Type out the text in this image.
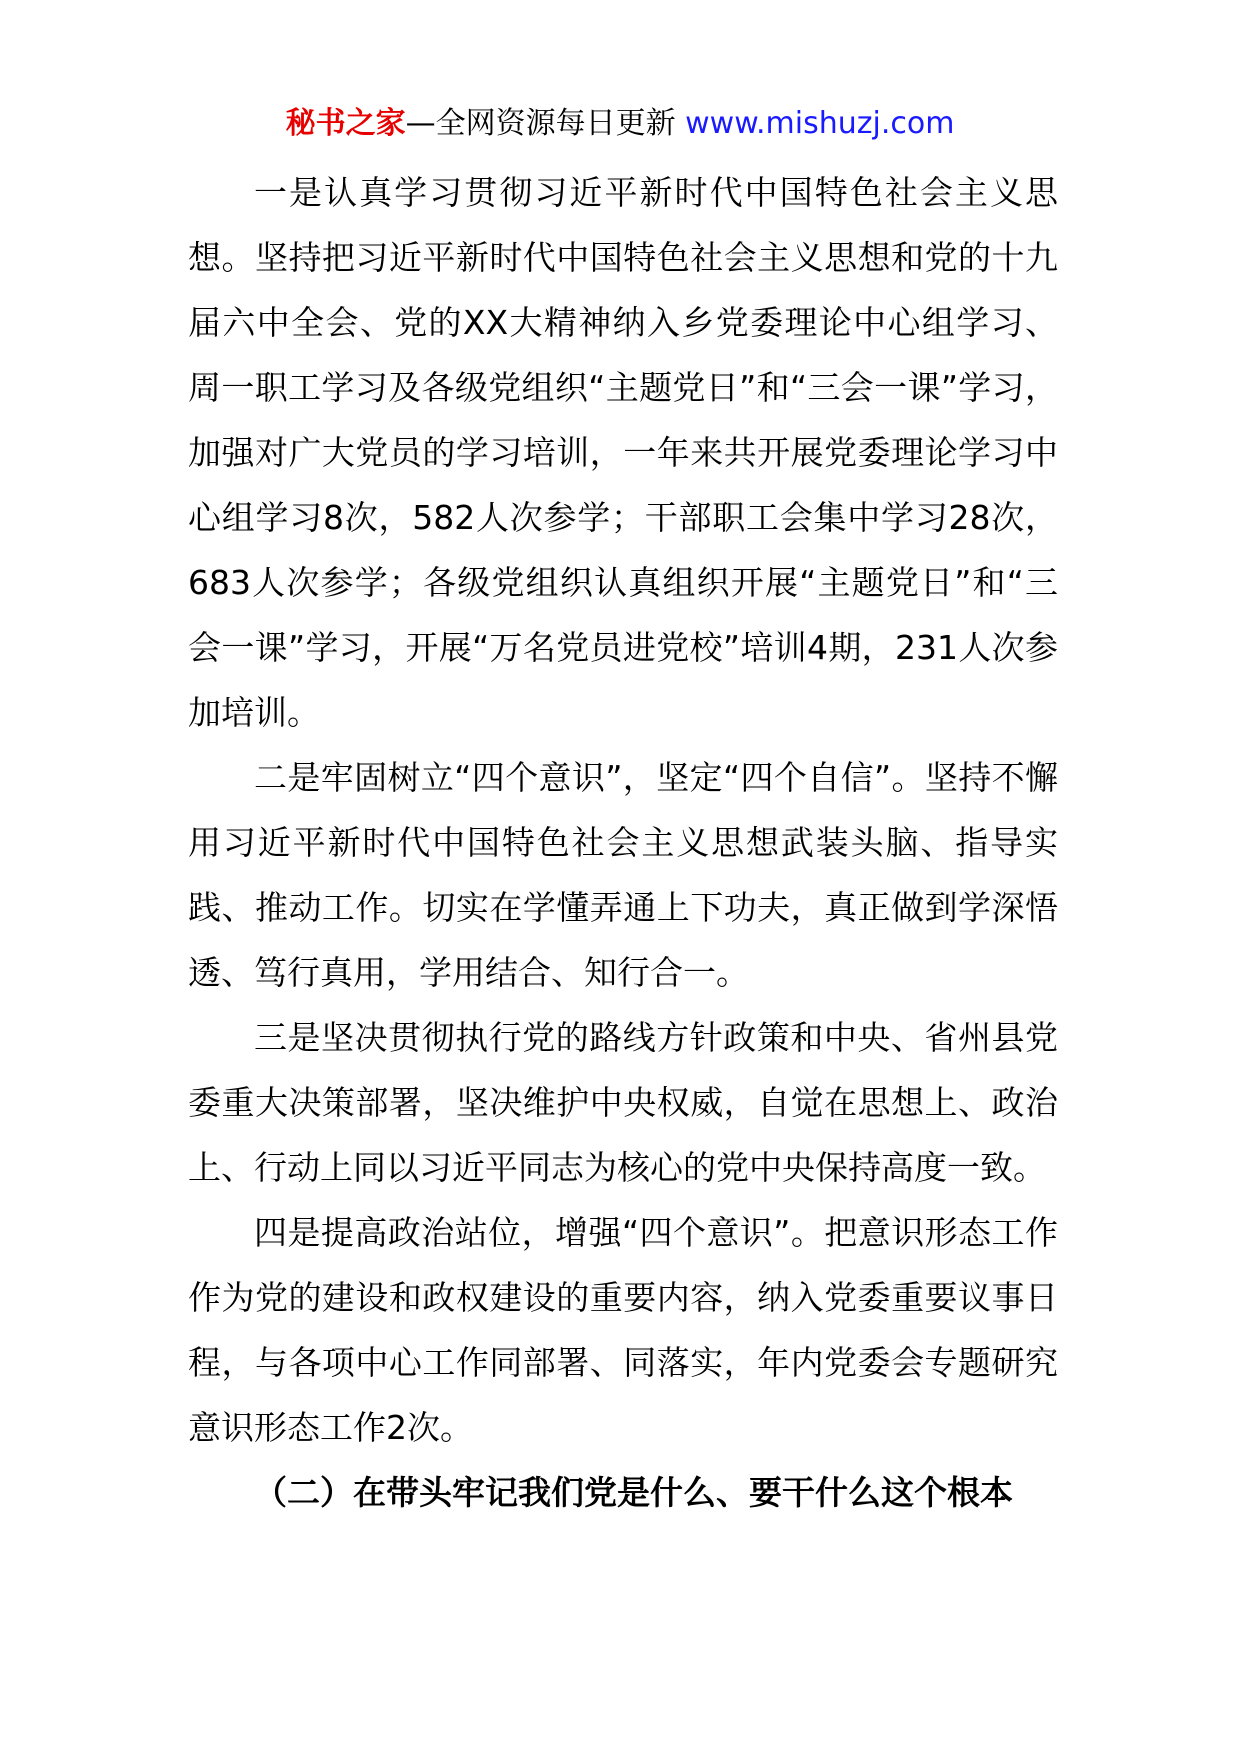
秘书之家—全网资源每日更新 www.mishuzj.com

一是认真学习贯彻习近平新时代中国特色社会主义思想。坚持把习近平新时代中国特色社会主义思想和党的十九届六中全会、党的XX大精神纳入乡党委理论中心组学习、周一职工学习及各级党组织“主题党日”和“三会一课”学习，加强对广大党员的学习培训，一年来共开展党委理论学习中心组学习8次，582人次参学；干部职工会集中学习28次，683人次参学；各级党组织认真组织开展“主题党日”和“三会一课”学习，开展“万名党员进党校”培训4期，231人次参加培训。

二是牢固树立“四个意识”，坚定“四个自信”。坚持不懈用习近平新时代中国特色社会主义思想武装头脑、指导实践、推动工作。切实在学懂弄通上下功夫，真正做到学深悟透、笃行真用，学用结合、知行合一。

三是坚决贯彻执行党的路线方针政策和中央、省州县党委重大决策部署，坚决维护中央权威，自觉在思想上、政治上、行动上同以习近平同志为核心的党中央保持高度一致。

四是提高政治站位，增强“四个意识”。把意识形态工作作为党的建设和政权建设的重要内容，纳入党委重要议事日程，与各项中心工作同部署、同落实，年内党委会专题研究意识形态工作2次。

（二）在带头牢记我们党是什么、要干什么这个根本
